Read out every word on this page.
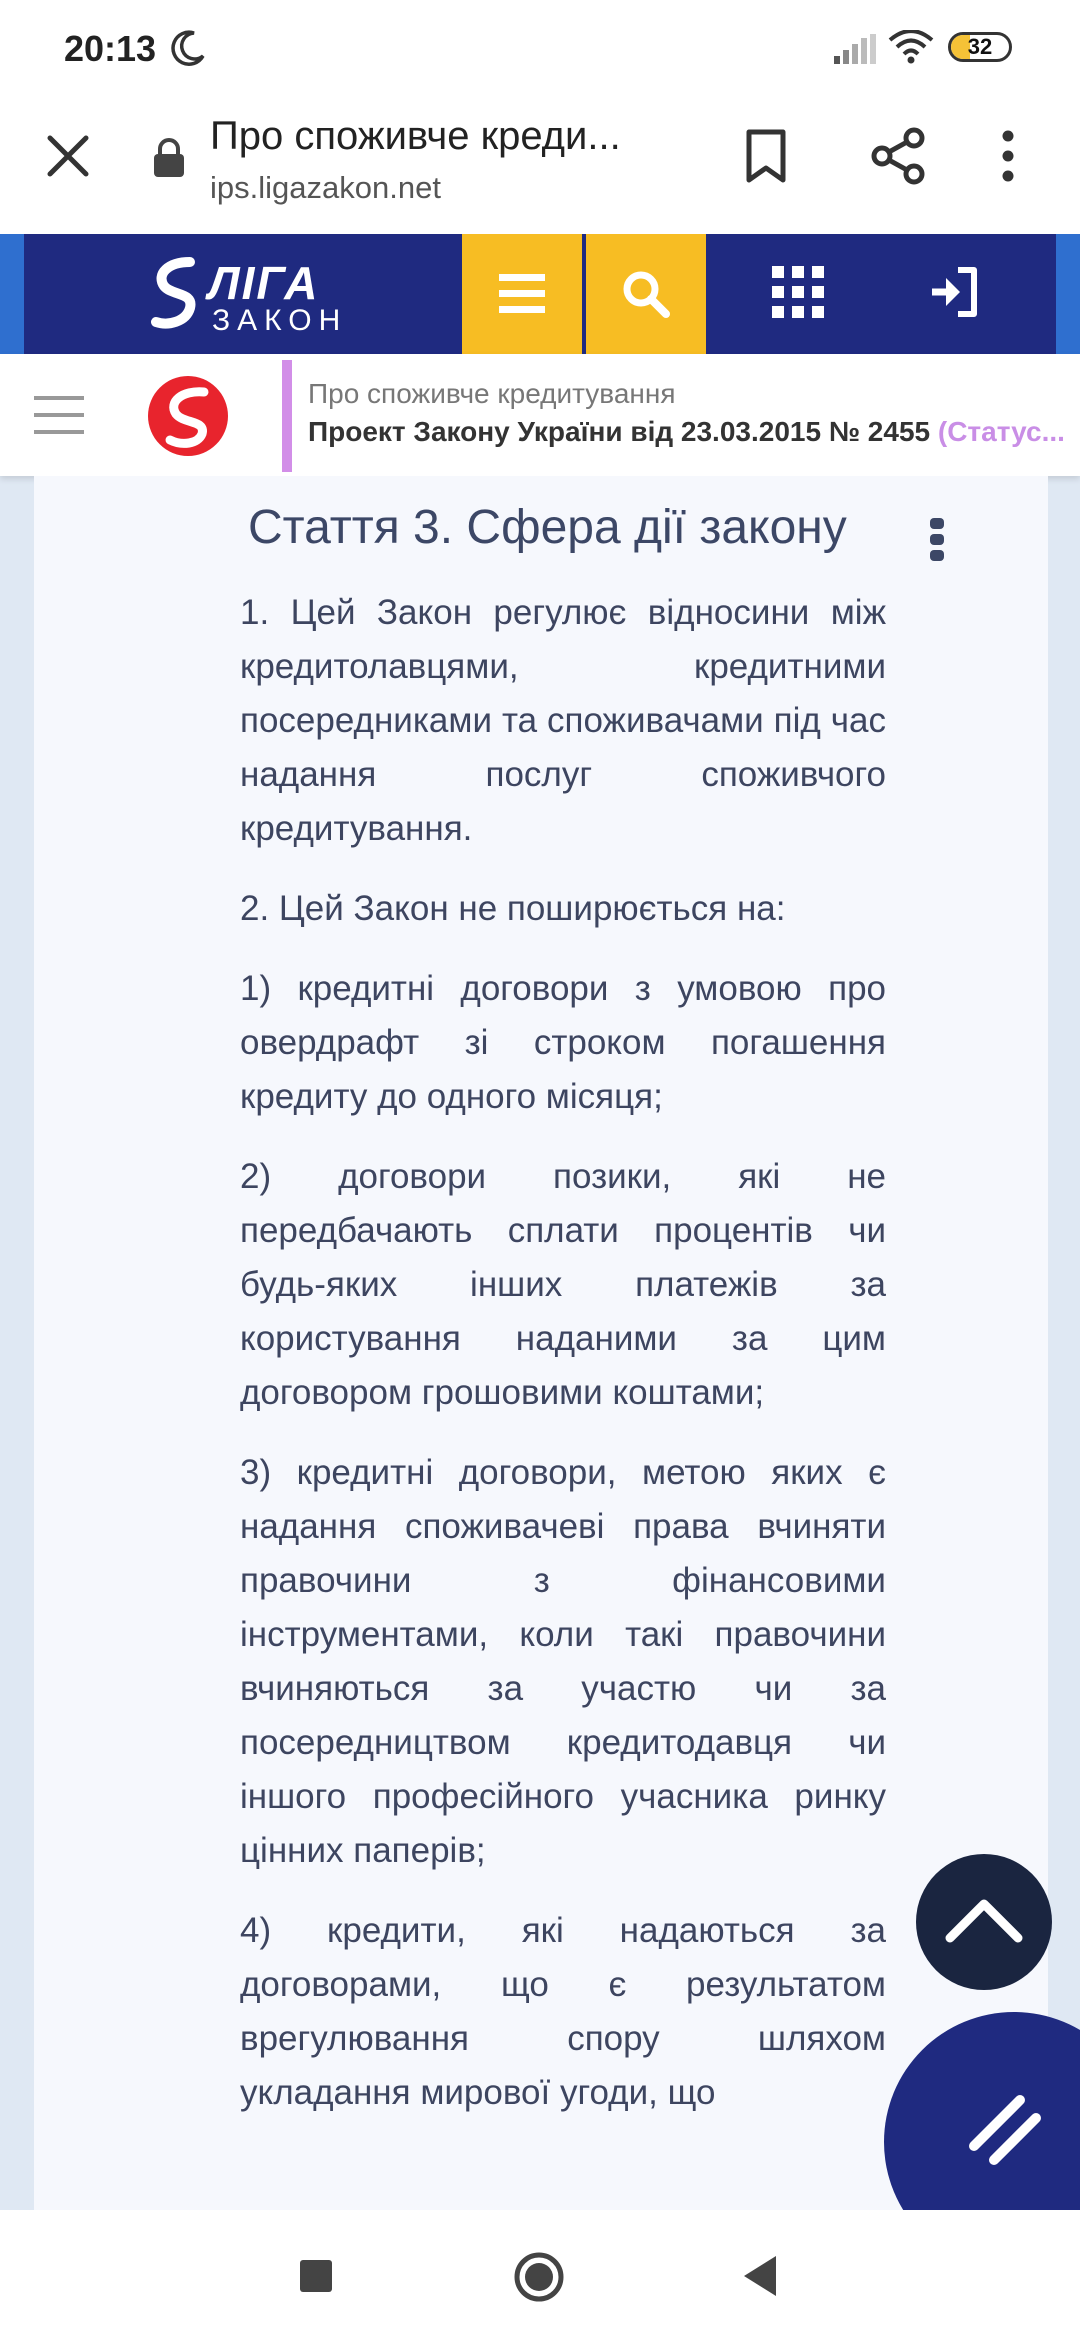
20:13	32
Про споживче креди...
ips.ligazakon.net
ЛІГА
ЗАКОН
Про споживче кредитування
Проект Закону України від 23.03.2015 № 2455 (Статус...
Стаття 3. Сфера дії закону

1. Цей Закон регулює відносини між кредитолавцями, кредитними посередниками та споживачами під час надання послуг споживчого кредитування.

2. Цей Закон не поширюється на:

1) кредитні договори з умовою про овердрафт зі строком погашення кредиту до одного місяця;

2) договори позики, які не передбачають сплати процентів чи будь-яких інших платежів за користування наданими за цим договором грошовими коштами;

3) кредитні договори, метою яких є надання споживачеві права вчиняти правочини з фінансовими інструментами, коли такі правочини вчиняються за участю чи за посередництвом кредитодавця чи іншого професійного учасника ринку цінних паперів;

4) кредити, які надаються за договорами, що є результатом врегулювання спору шляхом укладання мирової угоди, що
